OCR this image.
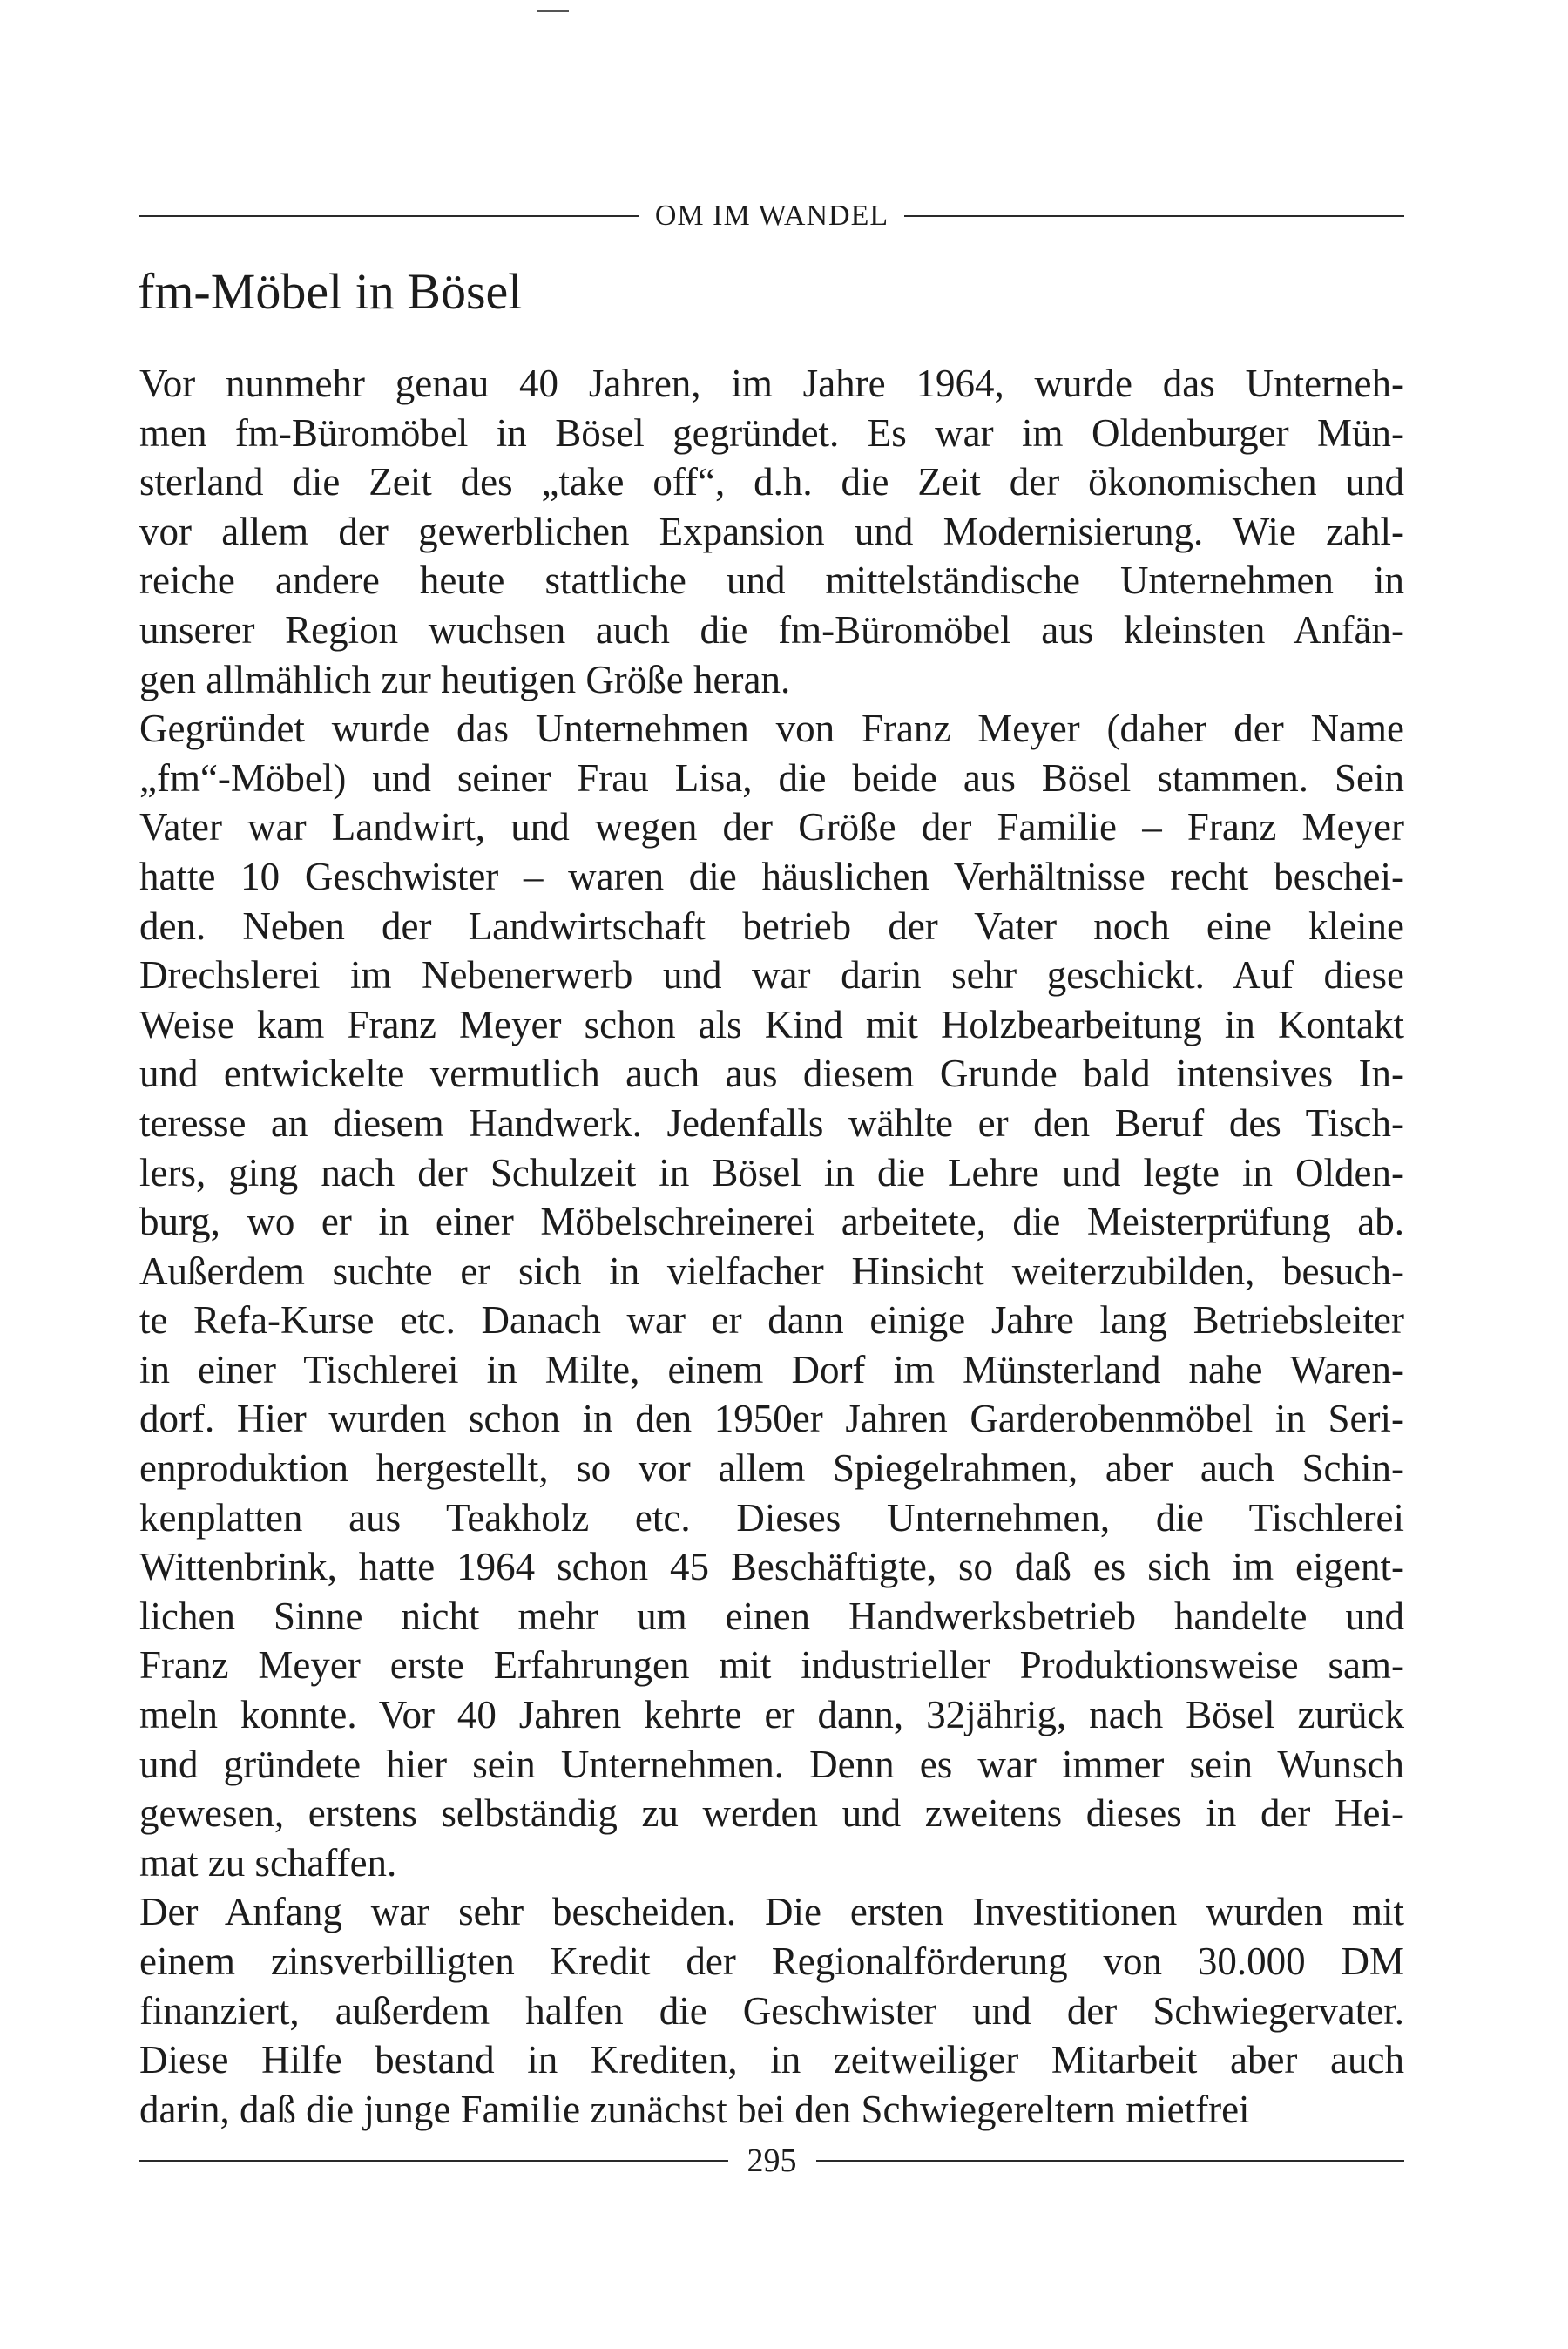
OM IM WANDEL
fm-Möbel in Bösel
Vor nunmehr genau 40 Jahren, im Jahre 1964, wurde das Unterneh-
men fm-Büromöbel in Bösel gegründet. Es war im Oldenburger Mün-
sterland die Zeit des „take off“, d.h. die Zeit der ökonomischen und
vor allem der gewerblichen Expansion und Modernisierung. Wie zahl-
reiche andere heute stattliche und mittelständische Unternehmen in
unserer Region wuchsen auch die fm-Büromöbel aus kleinsten Anfän-
gen allmählich zur heutigen Größe heran.
Gegründet wurde das Unternehmen von Franz Meyer (daher der Name
„fm“-Möbel) und seiner Frau Lisa, die beide aus Bösel stammen. Sein
Vater war Landwirt, und wegen der Größe der Familie – Franz Meyer
hatte 10 Geschwister – waren die häuslichen Verhältnisse recht beschei-
den. Neben der Landwirtschaft betrieb der Vater noch eine kleine
Drechslerei im Nebenerwerb und war darin sehr geschickt. Auf diese
Weise kam Franz Meyer schon als Kind mit Holzbearbeitung in Kontakt
und entwickelte vermutlich auch aus diesem Grunde bald intensives In-
teresse an diesem Handwerk. Jedenfalls wählte er den Beruf des Tisch-
lers, ging nach der Schulzeit in Bösel in die Lehre und legte in Olden-
burg, wo er in einer Möbelschreinerei arbeitete, die Meisterprüfung ab.
Außerdem suchte er sich in vielfacher Hinsicht weiterzubilden, besuch-
te Refa-Kurse etc. Danach war er dann einige Jahre lang Betriebsleiter
in einer Tischlerei in Milte, einem Dorf im Münsterland nahe Waren-
dorf. Hier wurden schon in den 1950er Jahren Garderobenmöbel in Seri-
enproduktion hergestellt, so vor allem Spiegelrahmen, aber auch Schin-
kenplatten aus Teakholz etc. Dieses Unternehmen, die Tischlerei
Wittenbrink, hatte 1964 schon 45 Beschäftigte, so daß es sich im eigent-
lichen Sinne nicht mehr um einen Handwerksbetrieb handelte und
Franz Meyer erste Erfahrungen mit industrieller Produktionsweise sam-
meln konnte. Vor 40 Jahren kehrte er dann, 32jährig, nach Bösel zurück
und gründete hier sein Unternehmen. Denn es war immer sein Wunsch
gewesen, erstens selbständig zu werden und zweitens dieses in der Hei-
mat zu schaffen.
Der Anfang war sehr bescheiden. Die ersten Investitionen wurden mit
einem zinsverbilligten Kredit der Regionalförderung von 30.000 DM
finanziert, außerdem halfen die Geschwister und der Schwiegervater.
Diese Hilfe bestand in Krediten, in zeitweiliger Mitarbeit aber auch
darin, daß die junge Familie zunächst bei den Schwiegereltern mietfrei
295
